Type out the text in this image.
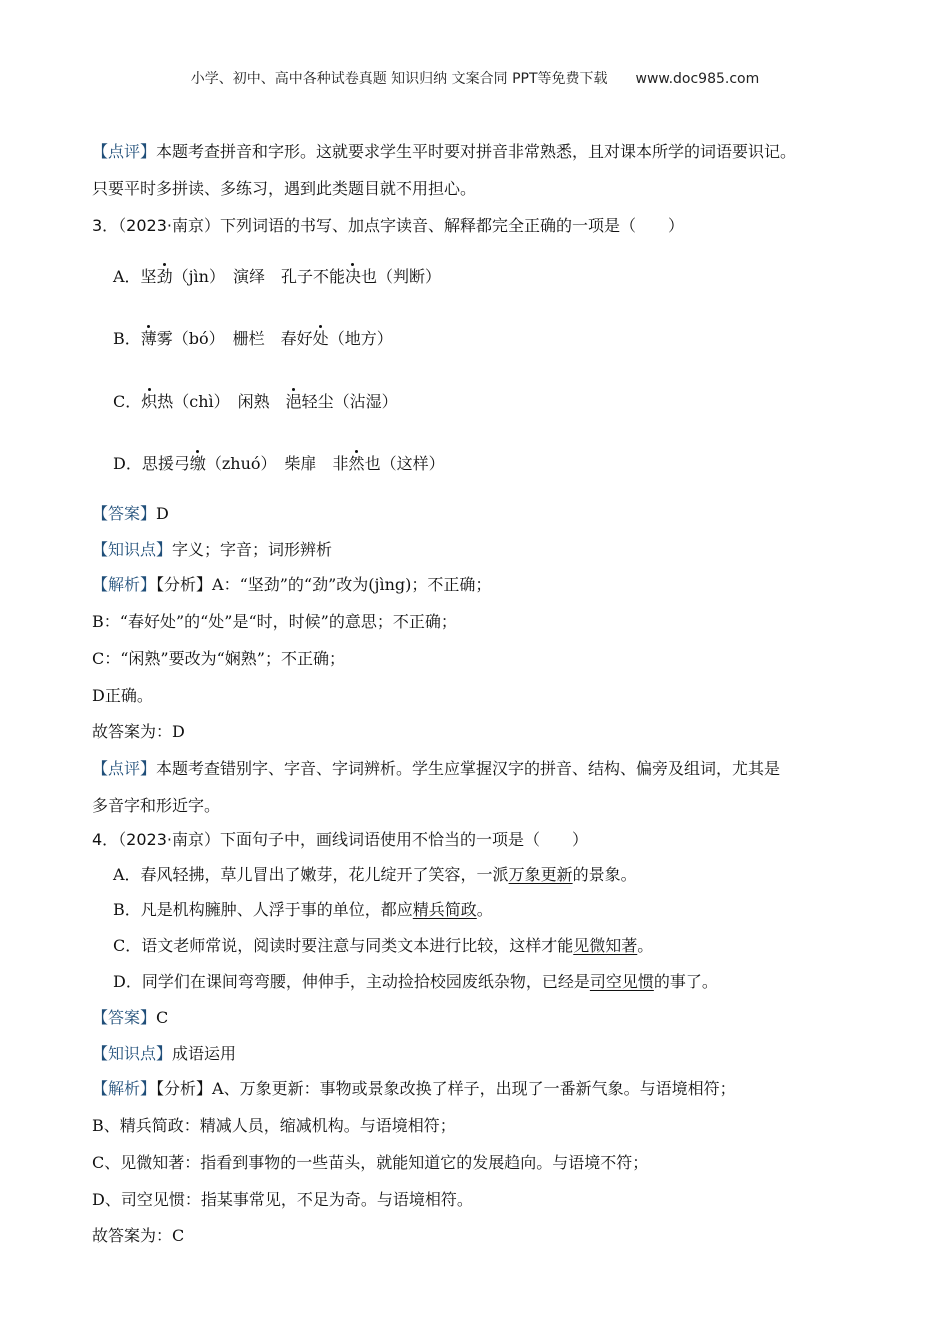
小学、初中、高中各种试卷真题 知识归纳 文案合同 PPT等免费下载 www.doc985.com
【点评】本题考查拼音和字形。这就要求学生平时要对拼音非常熟悉，且对课本所学的词语要识记。
只要平时多拼读、多练习，遇到此类题目就不用担心。
3．（2023·南京）下列词语的书写、加点字读音、解释都完全正确的一项是（　　）
A．坚劲（jìn）　演绎　孔子不能决也（判断）
B．薄雾（bó）　栅栏　春好处（地方）
C．炽热（chì）　闲熟　浥轻尘（沾湿）
D．思援弓缴（zhuó）　柴扉　非然也（这样）
【答案】D
【知识点】字义；字音；词形辨析
【解析】【分析】A：“坚劲”的“劲”改为(jìng)；不正确；
B：“春好处”的“处”是“时，时候”的意思；不正确；
C：“闲熟”要改为“娴熟”；不正确；
D正确。
故答案为：D
【点评】本题考查错别字、字音、字词辨析。学生应掌握汉字的拼音、结构、偏旁及组词，尤其是
多音字和形近字。
4．（2023·南京）下面句子中，画线词语使用不恰当的一项是（　　）
A．春风轻拂，草儿冒出了嫩芽，花儿绽开了笑容，一派万象更新的景象。
B．凡是机构臃肿、人浮于事的单位，都应精兵简政。
C．语文老师常说，阅读时要注意与同类文本进行比较，这样才能见微知著。
D．同学们在课间弯弯腰，伸伸手，主动捡拾校园废纸杂物，已经是司空见惯的事了。
【答案】C
【知识点】成语运用
【解析】【分析】A、万象更新：事物或景象改换了样子，出现了一番新气象。与语境相符；
B、精兵简政：精减人员，缩减机构。与语境相符；
C、见微知著：指看到事物的一些苗头，就能知道它的发展趋向。与语境不符；
D、司空见惯：指某事常见，不足为奇。与语境相符。
故答案为：C
